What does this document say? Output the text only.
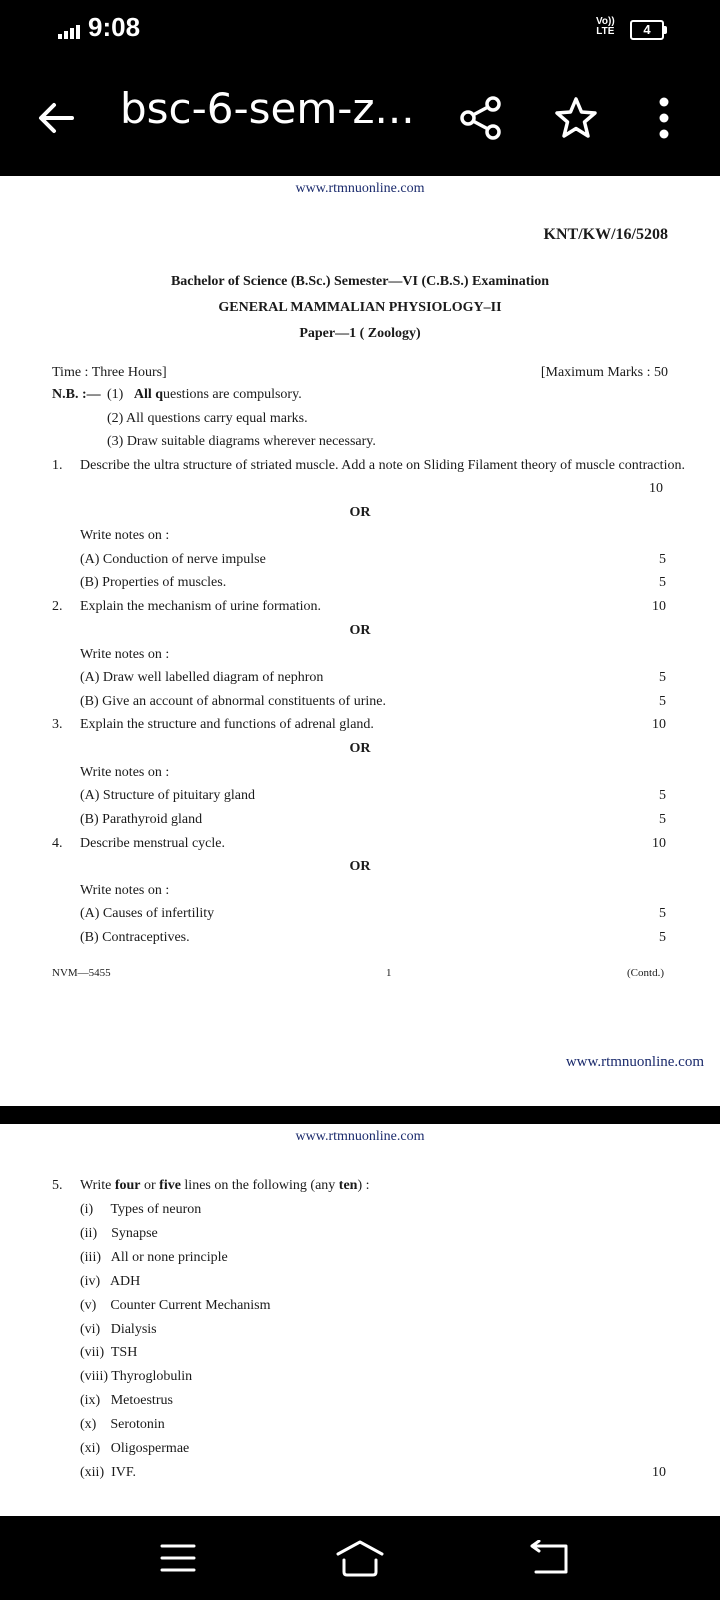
9:08	Vo))
LTE	4
bsc-6-sem-z...
www.rtmnuonline.com
KNT/KW/16/5208
Bachelor of Science (B.Sc.) Semester—VI (C.B.S.) Examination
GENERAL MAMMALIAN PHYSIOLOGY–II
Paper—1 ( Zoology)
Time : Three Hours]	[Maximum Marks : 50
N.B. :— (1) All questions are compulsory.
(2) All questions carry equal marks.
(3) Draw suitable diagrams wherever necessary.
1. Describe the ultra structure of striated muscle. Add a note on Sliding Filament theory of muscle contraction.
10
OR
Write notes on :
(A) Conduction of nerve impulse	5
(B) Properties of muscles.	5
2. Explain the mechanism of urine formation.	10
OR
Write notes on :
(A) Draw well labelled diagram of nephron	5
(B) Give an account of abnormal constituents of urine.	5
3. Explain the structure and functions of adrenal gland.	10
OR
Write notes on :
(A) Structure of pituitary gland	5
(B) Parathyroid gland	5
4. Describe menstrual cycle.	10
OR
Write notes on :
(A) Causes of infertility	5
(B) Contraceptives.	5
NVM—5455	1	(Contd.)
www.rtmnuonline.com
www.rtmnuonline.com
5. Write four or five lines on the following (any ten) :
(i)     Types of neuron
(ii)    Synapse
(iii)   All or none principle
(iv)   ADH
(v)    Counter Current Mechanism
(vi)   Dialysis
(vii)  TSH
(viii) Thyroglobulin
(ix)   Metoestrus
(x)    Serotonin
(xi)   Oligospermae
(xii)  IVF.	10
